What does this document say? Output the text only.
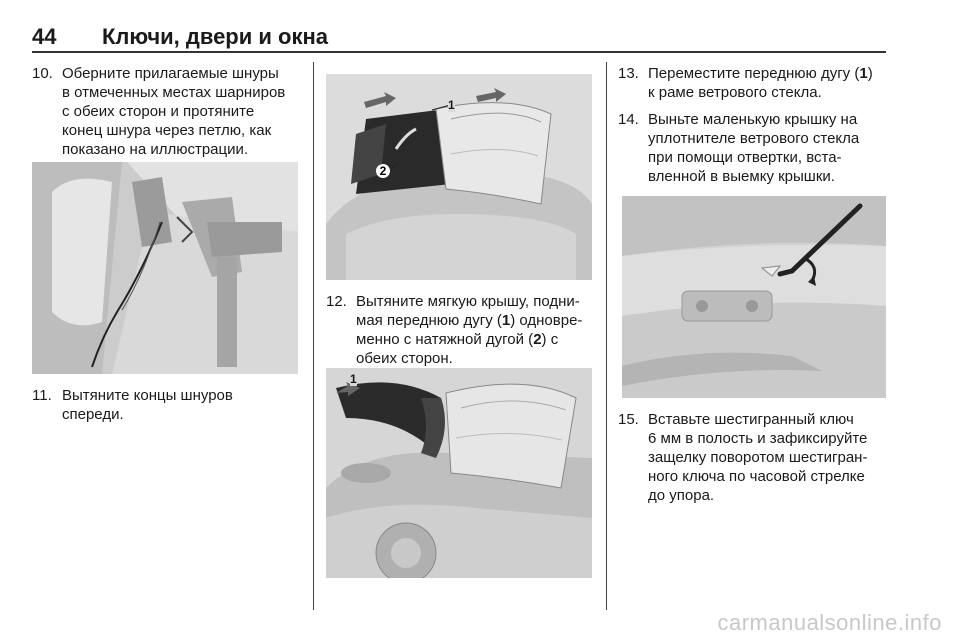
44 Ключи, двери и окна
10. Оберните прилагаемые шнуры
в отмеченных местах шарниров
с обеих сторон и протяните
конец шнура через петлю, как
показано на иллюстрации.
11. Вытяните концы шнуров
спереди.
1
2
12. Вытяните мягкую крышу, подни-
мая переднюю дугу (1) одновре-
менно с натяжной дугой (2) с
обеих сторон.
1
13. Переместите переднюю дугу (1)
к раме ветрового стекла.
14. Выньте маленькую крышку на
уплотнителе ветрового стекла
при помощи отвертки, вста-
вленной в выемку крышки.
15. Вставьте шестигранный ключ
6 мм в полость и зафиксируйте
защелку поворотом шестигран-
ного ключа по часовой стрелке
до упора.
carmanualsonline.info
